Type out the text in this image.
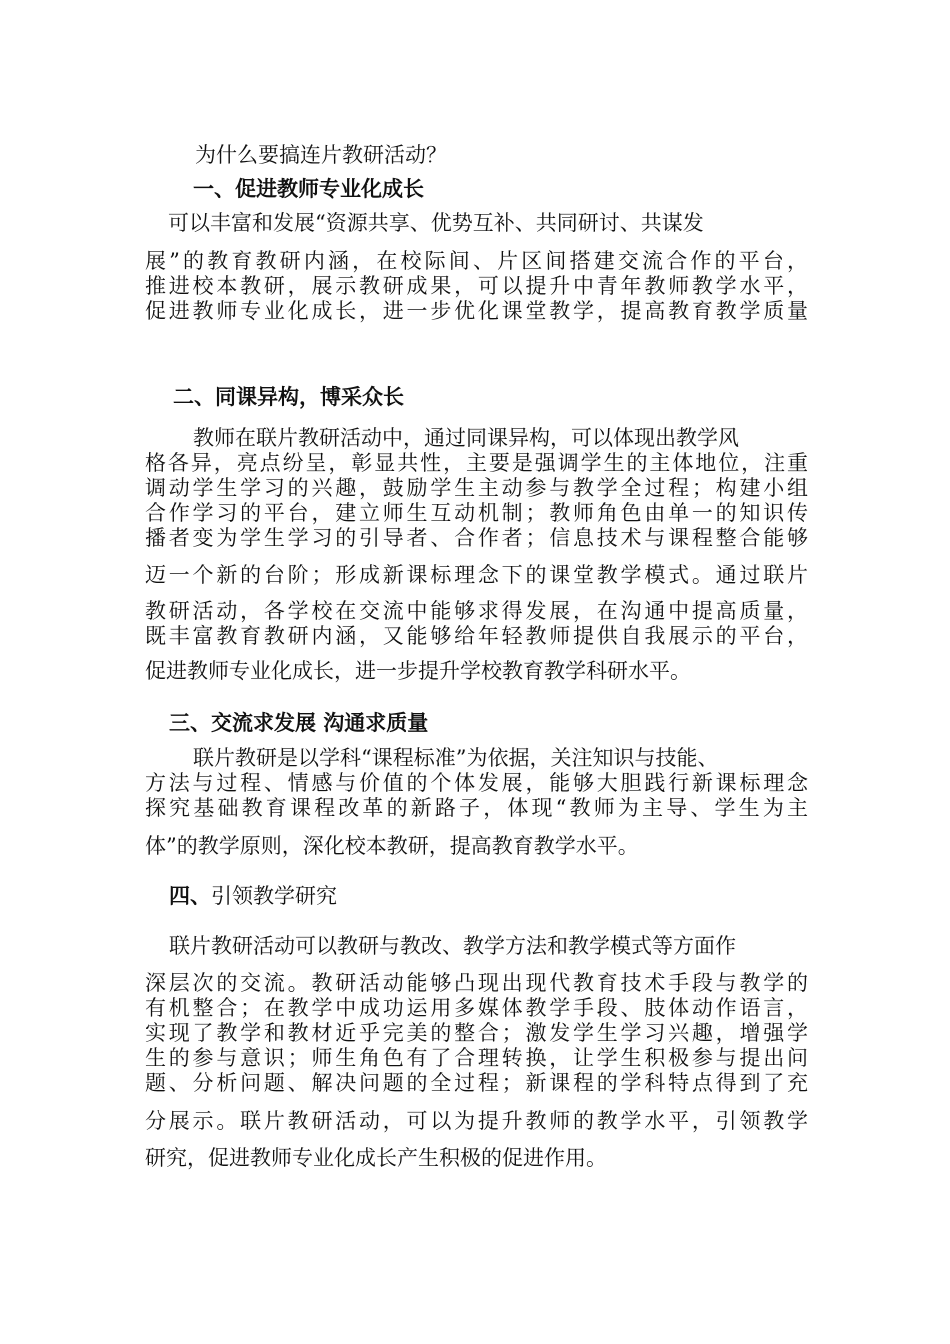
为什么要搞连片教研活动？
一、促进教师专业化成长
可以丰富和发展“资源共享、优势互补、共同研讨、共谋发
展”的教育教研内涵，在校际间、片区间搭建交流合作的平台，
推进校本教研，展示教研成果，可以提升中青年教师教学水平，
促进教师专业化成长，进一步优化课堂教学，提高教育教学质量
二、同课异构，博采众长
教师在联片教研活动中，通过同课异构，可以体现出教学风
格各异，亮点纷呈，彰显共性，主要是强调学生的主体地位，注重
调动学生学习的兴趣，鼓励学生主动参与教学全过程；构建小组
合作学习的平台，建立师生互动机制；教师角色由单一的知识传
播者变为学生学习的引导者、合作者；信息技术与课程整合能够
迈一个新的台阶；形成新课标理念下的课堂教学模式。通过联片
教研活动，各学校在交流中能够求得发展，在沟通中提高质量，
既丰富教育教研内涵，又能够给年轻教师提供自我展示的平台，
促进教师专业化成长，进一步提升学校教育教学科研水平。
三、交流求发展 沟通求质量
联片教研是以学科“课程标准”为依据，关注知识与技能、
方法与过程、情感与价值的个体发展，能够大胆践行新课标理念
探究基础教育课程改革的新路子，体现“教师为主导、学生为主
体”的教学原则，深化校本教研，提高教育教学水平。
四、引领教学研究
联片教研活动可以教研与教改、教学方法和教学模式等方面作
深层次的交流。教研活动能够凸现出现代教育技术手段与教学的
有机整合；在教学中成功运用多媒体教学手段、肢体动作语言，
实现了教学和教材近乎完美的整合；激发学生学习兴趣，增强学
生的参与意识；师生角色有了合理转换，让学生积极参与提出问
题、分析问题、解决问题的全过程；新课程的学科特点得到了充
分展示。联片教研活动，可以为提升教师的教学水平，引领教学
研究，促进教师专业化成长产生积极的促进作用。
